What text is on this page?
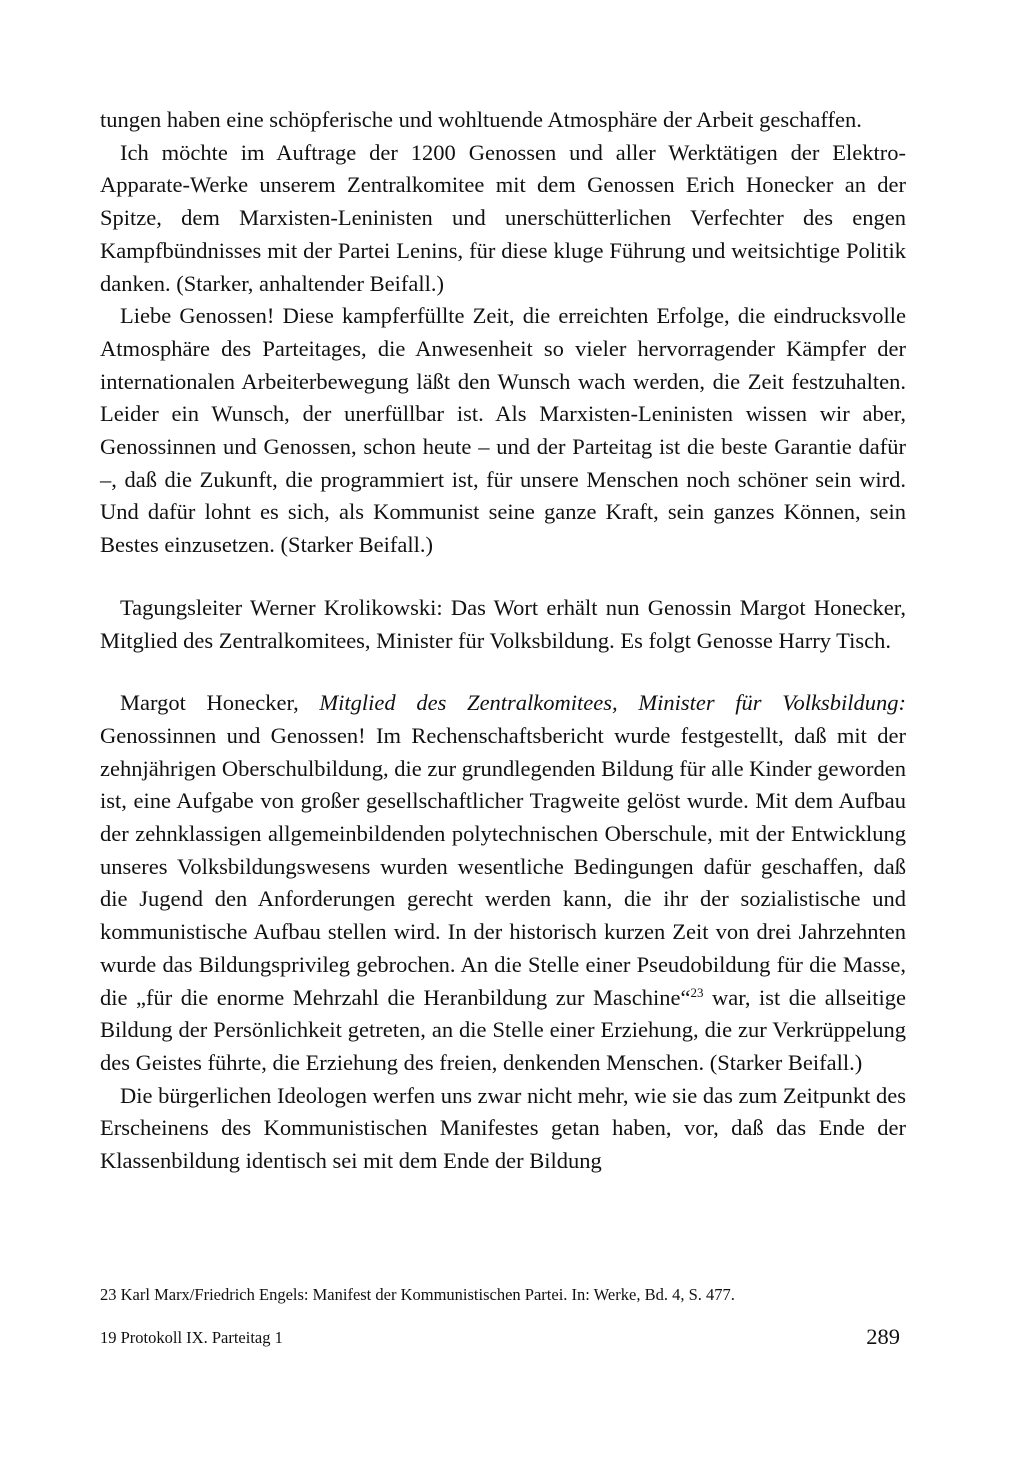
tungen haben eine schöpferische und wohltuende Atmosphäre der Arbeit geschaffen.

Ich möchte im Auftrage der 1200 Genossen und aller Werktätigen der Elektro-Apparate-Werke unserem Zentralkomitee mit dem Genossen Erich Honecker an der Spitze, dem Marxisten-Leninisten und unerschütterlichen Verfechter des engen Kampfbündnisses mit der Partei Lenins, für diese kluge Führung und weitsichtige Politik danken. (Starker, anhaltender Beifall.)

Liebe Genossen! Diese kampferfüllte Zeit, die erreichten Erfolge, die eindrucksvolle Atmosphäre des Parteitages, die Anwesenheit so vieler hervorragender Kämpfer der internationalen Arbeiterbewegung läßt den Wunsch wach werden, die Zeit festzuhalten. Leider ein Wunsch, der unerfüllbar ist. Als Marxisten-Leninisten wissen wir aber, Genossinnen und Genossen, schon heute – und der Parteitag ist die beste Garantie dafür –, daß die Zukunft, die programmiert ist, für unsere Menschen noch schöner sein wird. Und dafür lohnt es sich, als Kommunist seine ganze Kraft, sein ganzes Können, sein Bestes einzusetzen. (Starker Beifall.)

Tagungsleiter Werner Krolikowski: Das Wort erhält nun Genossin Margot Honecker, Mitglied des Zentralkomitees, Minister für Volksbildung. Es folgt Genosse Harry Tisch.

Margot Honecker, Mitglied des Zentralkomitees, Minister für Volksbildung: Genossinnen und Genossen! Im Rechenschaftsbericht wurde festgestellt, daß mit der zehnjährigen Oberschulbildung, die zur grundlegenden Bildung für alle Kinder geworden ist, eine Aufgabe von großer gesellschaftlicher Tragweite gelöst wurde. Mit dem Aufbau der zehnklassigen allgemeinbildenden polytechnischen Oberschule, mit der Entwicklung unseres Volksbildungswesens wurden wesentliche Bedingungen dafür geschaffen, daß die Jugend den Anforderungen gerecht werden kann, die ihr der sozialistische und kommunistische Aufbau stellen wird. In der historisch kurzen Zeit von drei Jahrzehnten wurde das Bildungsprivileg gebrochen. An die Stelle einer Pseudobildung für die Masse, die „für die enorme Mehrzahl die Heranbildung zur Maschine“$^{23}$ war, ist die allseitige Bildung der Persönlichkeit getreten, an die Stelle einer Erziehung, die zur Verkrüppelung des Geistes führte, die Erziehung des freien, denkenden Menschen. (Starker Beifall.)

Die bürgerlichen Ideologen werfen uns zwar nicht mehr, wie sie das zum Zeitpunkt des Erscheinens des Kommunistischen Manifestes getan haben, vor, daß das Ende der Klassenbildung identisch sei mit dem Ende der Bildung

23 Karl Marx/Friedrich Engels: Manifest der Kommunistischen Partei. In: Werke, Bd. 4, S. 477.

19 Protokoll IX. Parteitag 1	289
